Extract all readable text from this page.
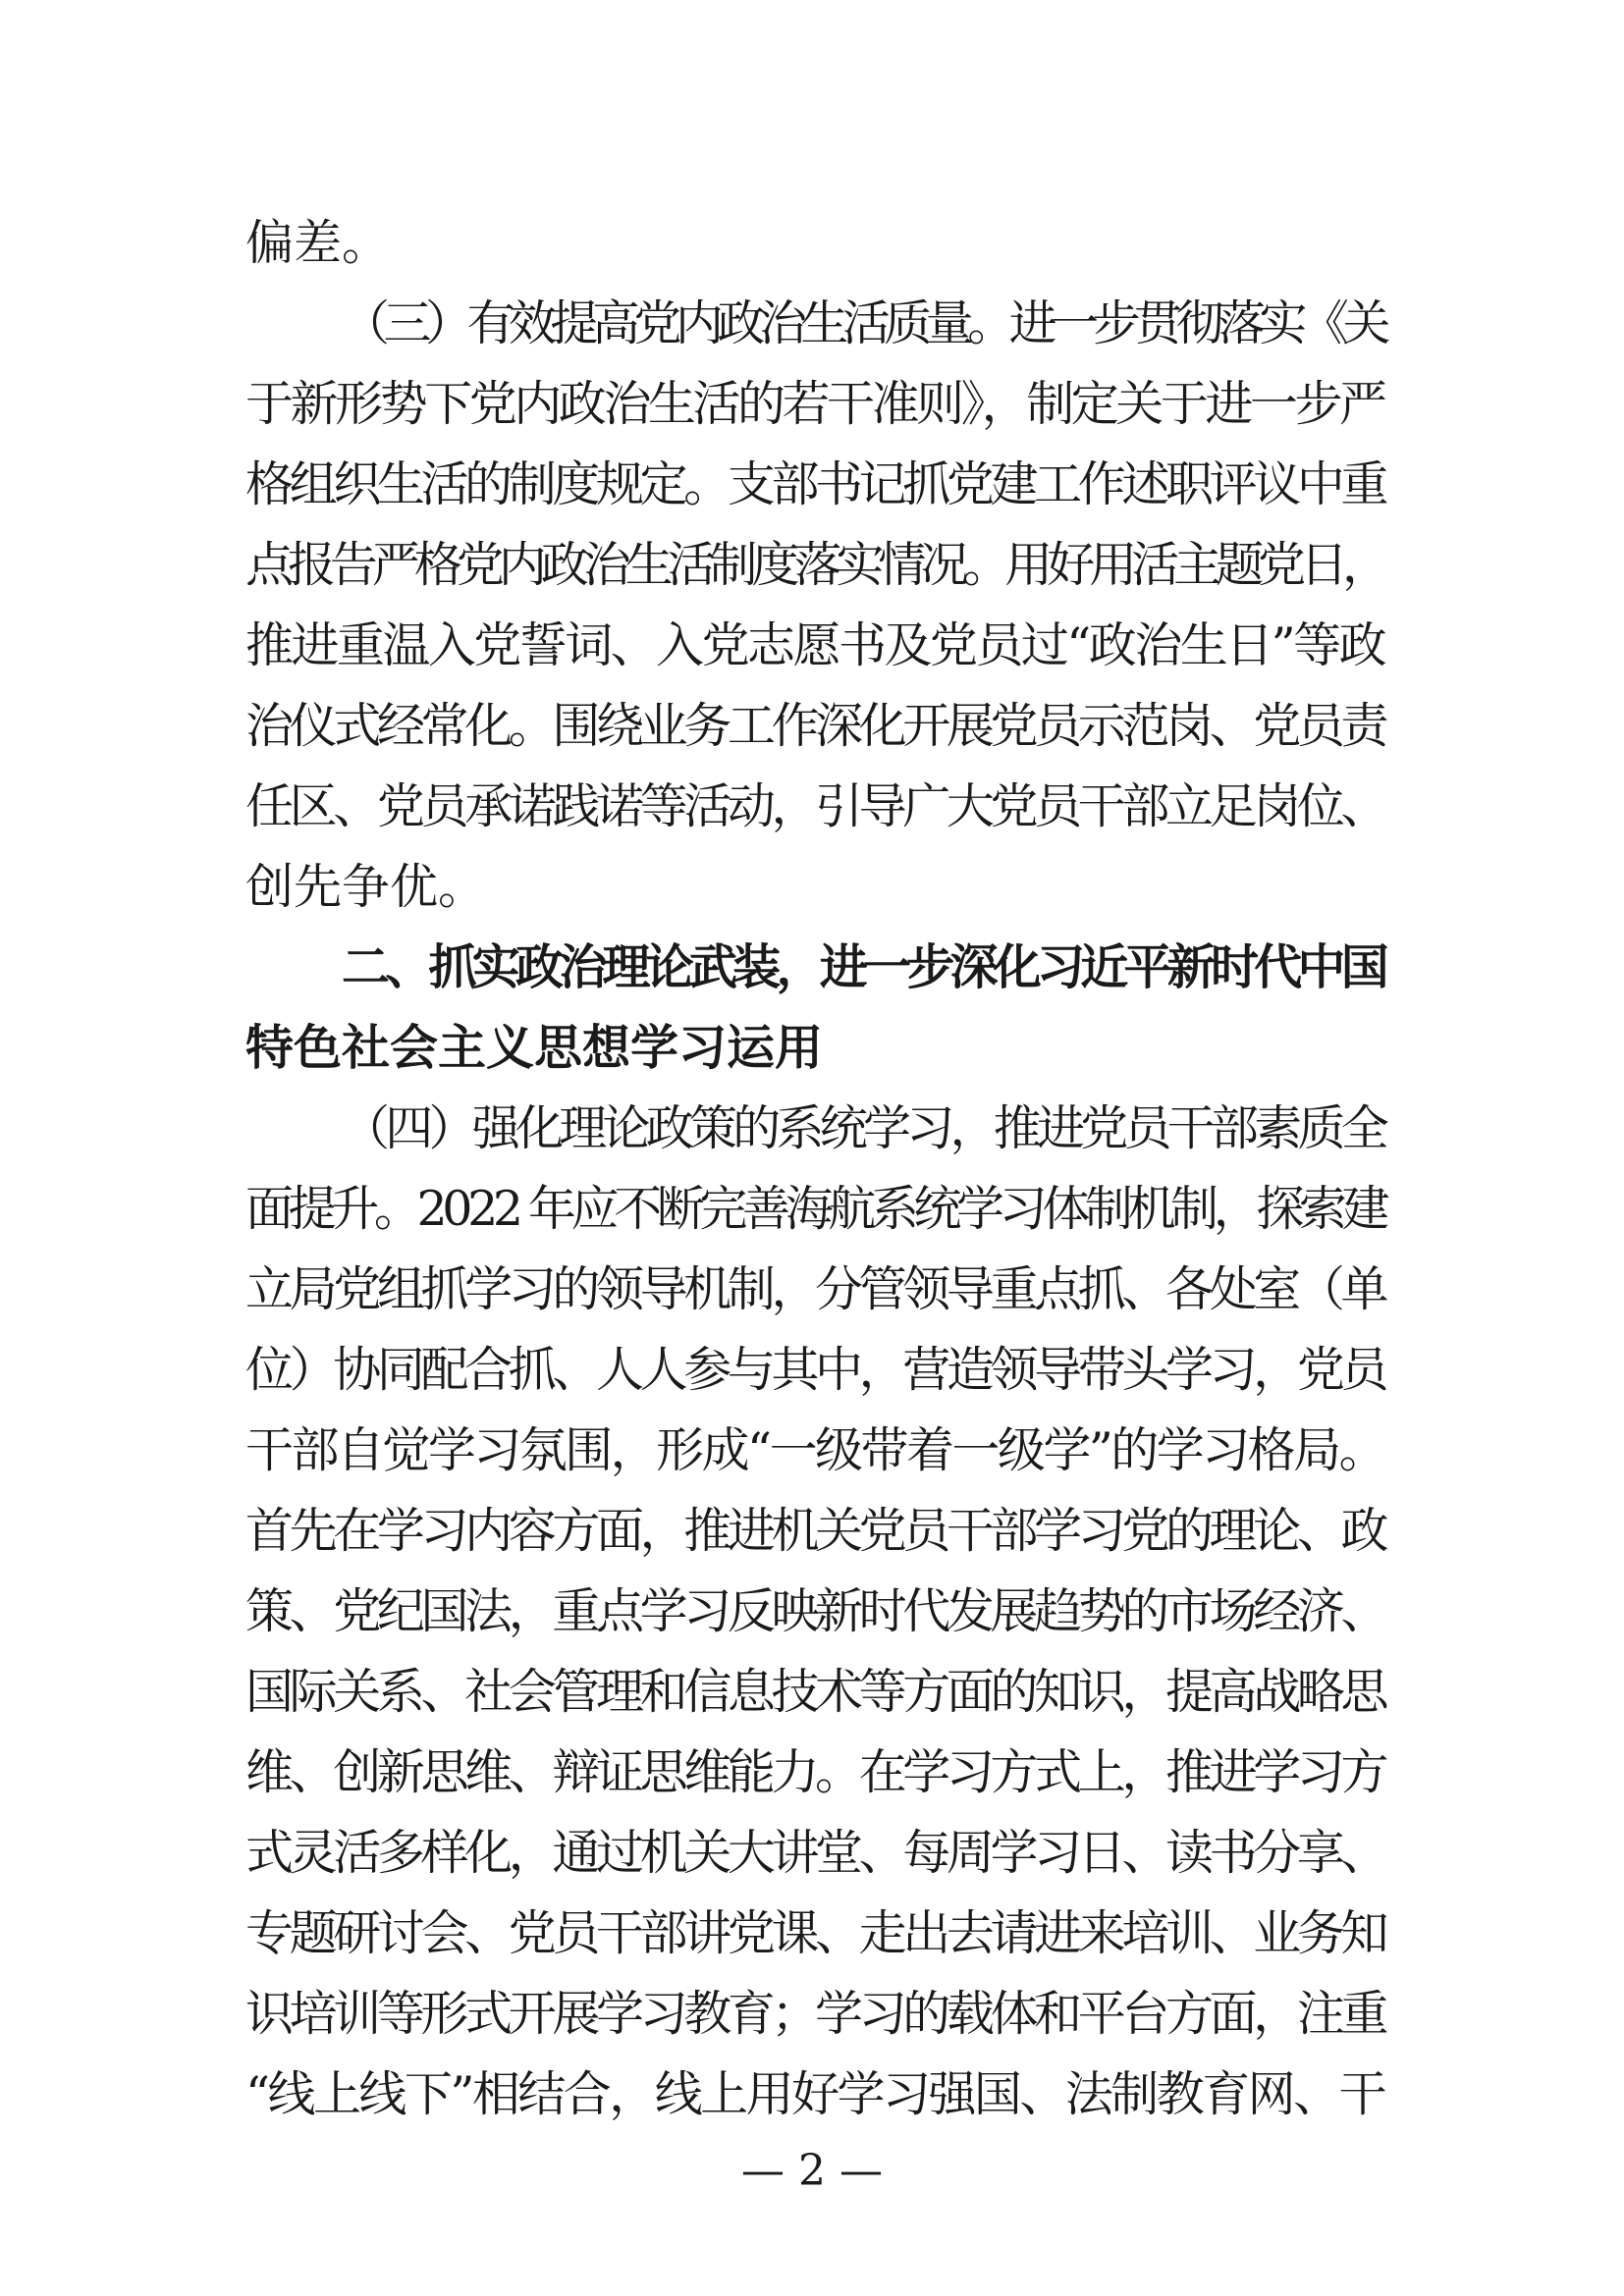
偏差。
（三）有效提高党内政治生活质量。进一步贯彻落实《关
于新形势下党内政治生活的若干准则》，制定关于进一步严
格组织生活的制度规定。支部书记抓党建工作述职评议中重
点报告严格党内政治生活制度落实情况。用好用活主题党日，
推进重温入党誓词、入党志愿书及党员过“政治生日”等政
治仪式经常化。围绕业务工作深化开展党员示范岗、党员责
任区、党员承诺践诺等活动，引导广大党员干部立足岗位、
创先争优。
二、抓实政治理论武装，进一步深化习近平新时代中国
特色社会主义思想学习运用
（四）强化理论政策的系统学习，推进党员干部素质全
面提升。2022 年应不断完善海航系统学习体制机制，探索建
立局党组抓学习的领导机制，分管领导重点抓、各处室（单
位）协同配合抓、人人参与其中，营造领导带头学习，党员
干部自觉学习氛围，形成“一级带着一级学”的学习格局。
首先在学习内容方面，推进机关党员干部学习党的理论、政
策、党纪国法，重点学习反映新时代发展趋势的市场经济、
国际关系、社会管理和信息技术等方面的知识，提高战略思
维、创新思维、辩证思维能力。在学习方式上，推进学习方
式灵活多样化，通过机关大讲堂、每周学习日、读书分享、
专题研讨会、党员干部讲党课、走出去请进来培训、业务知
识培训等形式开展学习教育；学习的载体和平台方面，注重
“线上线下”相结合，线上用好学习强国、法制教育网、干
— 2 —
